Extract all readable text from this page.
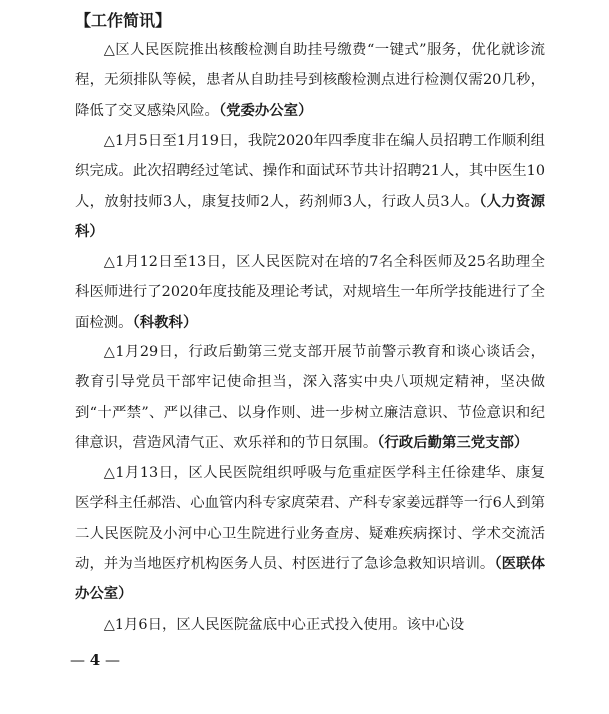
【工作简讯】

△区人民医院推出核酸检测自助挂号缴费“一键式”服务，优化就诊流程，无须排队等候，患者从自助挂号到核酸检测点进行检测仅需20几秒，降低了交叉感染风险。（党委办公室）

△1月5日至1月19日，我院2020年四季度非在编人员招聘工作顺利组织完成。此次招聘经过笔试、操作和面试环节共计招聘21人，其中医生10人，放射技师3人，康复技师2人，药剂师3人，行政人员3人。（人力资源科）

△1月12日至13日，区人民医院对在培的7名全科医师及25名助理全科医师进行了2020年度技能及理论考试，对规培生一年所学技能进行了全面检测。（科教科）

△1月29日，行政后勤第三党支部开展节前警示教育和谈心谈话会，教育引导党员干部牢记使命担当，深入落实中央八项规定精神，坚决做到“十严禁”、严以律己、以身作则、进一步树立廉洁意识、节俭意识和纪律意识，营造风清气正、欢乐祥和的节日氛围。（行政后勤第三党支部）

△1月13日，区人民医院组织呼吸与危重症医学科主任徐建华、康复医学科主任郝浩、心血管内科专家庹荣君、产科专家姜远群等一行6人到第二人民医院及小河中心卫生院进行业务查房、疑难疾病探讨、学术交流活动，并为当地医疗机构医务人员、村医进行了急诊急救知识培训。（医联体办公室）

△1月6日，区人民医院盆底中心正式投入使用。该中心设

— 4 —
